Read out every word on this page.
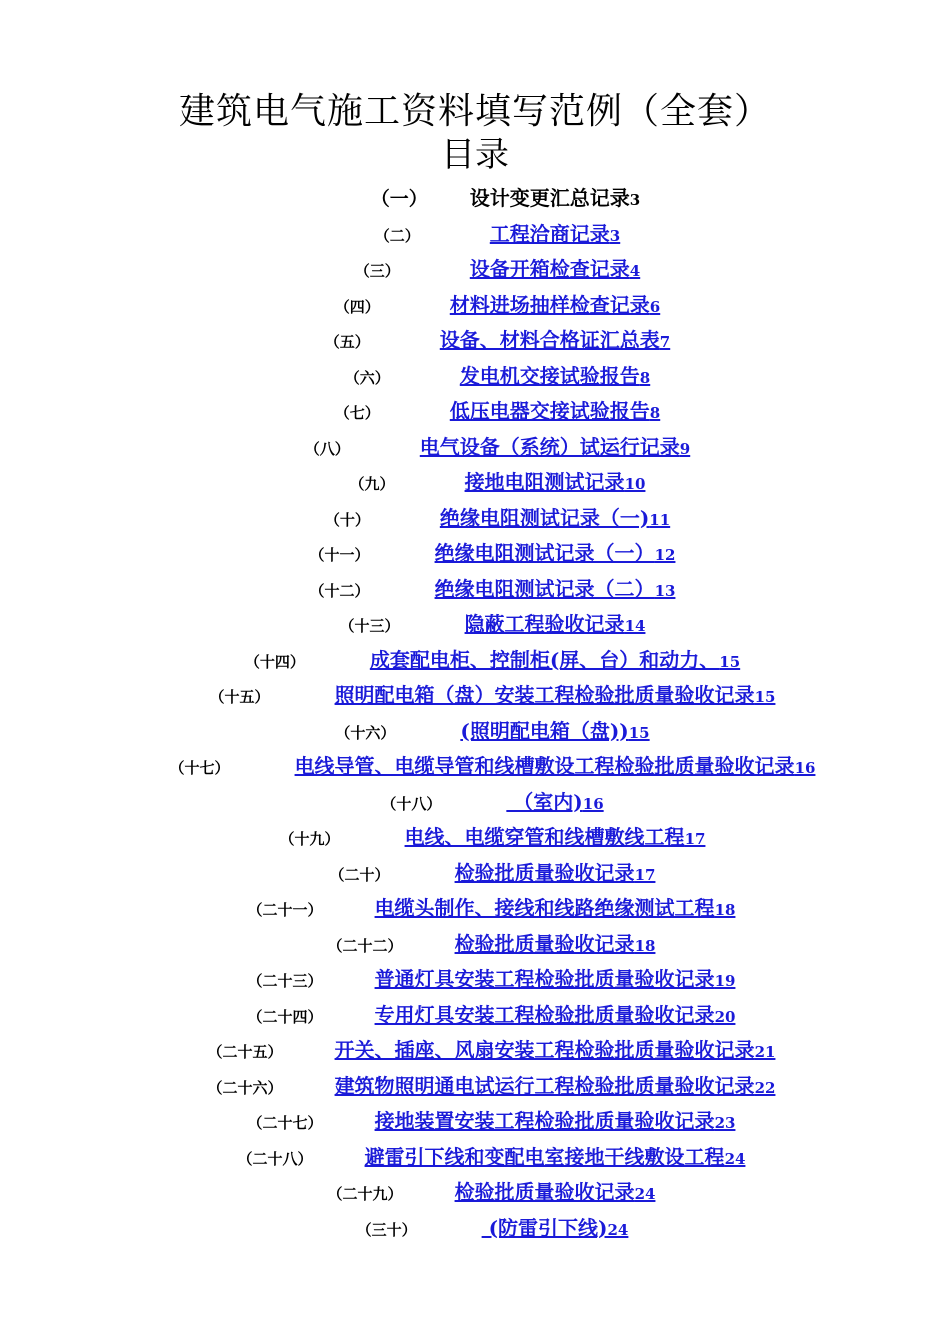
建筑电气施工资料填写范例（全套）
目录
（一） 设计变更汇总记录3
（二）	工程洽商记录3
（三）	设备开箱检查记录4
（四）	材料进场抽样检查记录6
（五）	设备、材料合格证汇总表7
（六）	发电机交接试验报告8
（七）	低压电器交接试验报告8
（八）	电气设备（系统）试运行记录9
（九）	接地电阻测试记录10
（十）	绝缘电阻测试记录（一)11
（十一）	绝缘电阻测试记录（一）12
（十二）	绝缘电阻测试记录（二）13
（十三）	隐蔽工程验收记录14
（十四）	成套配电柜、控制柜(屏、台）和动力、15
（十五）	照明配电箱（盘）安装工程检验批质量验收记录15
（十六）	(照明配电箱（盘))15
（十七）	电线导管、电缆导管和线槽敷设工程检验批质量验收记录16
（十八）	（室内)16
（十九）	电线、电缆穿管和线槽敷线工程17
（二十）	检验批质量验收记录17
（二十一）	电缆头制作、接线和线路绝缘测试工程18
（二十二）	检验批质量验收记录18
（二十三）	普通灯具安装工程检验批质量验收记录19
（二十四）	专用灯具安装工程检验批质量验收记录20
（二十五）	开关、插座、风扇安装工程检验批质量验收记录21
（二十六）	建筑物照明通电试运行工程检验批质量验收记录22
（二十七）	接地装置安装工程检验批质量验收记录23
（二十八）	避雷引下线和变配电室接地干线敷设工程24
（二十九）	检验批质量验收记录24
（三十）	(防雷引下线)24
